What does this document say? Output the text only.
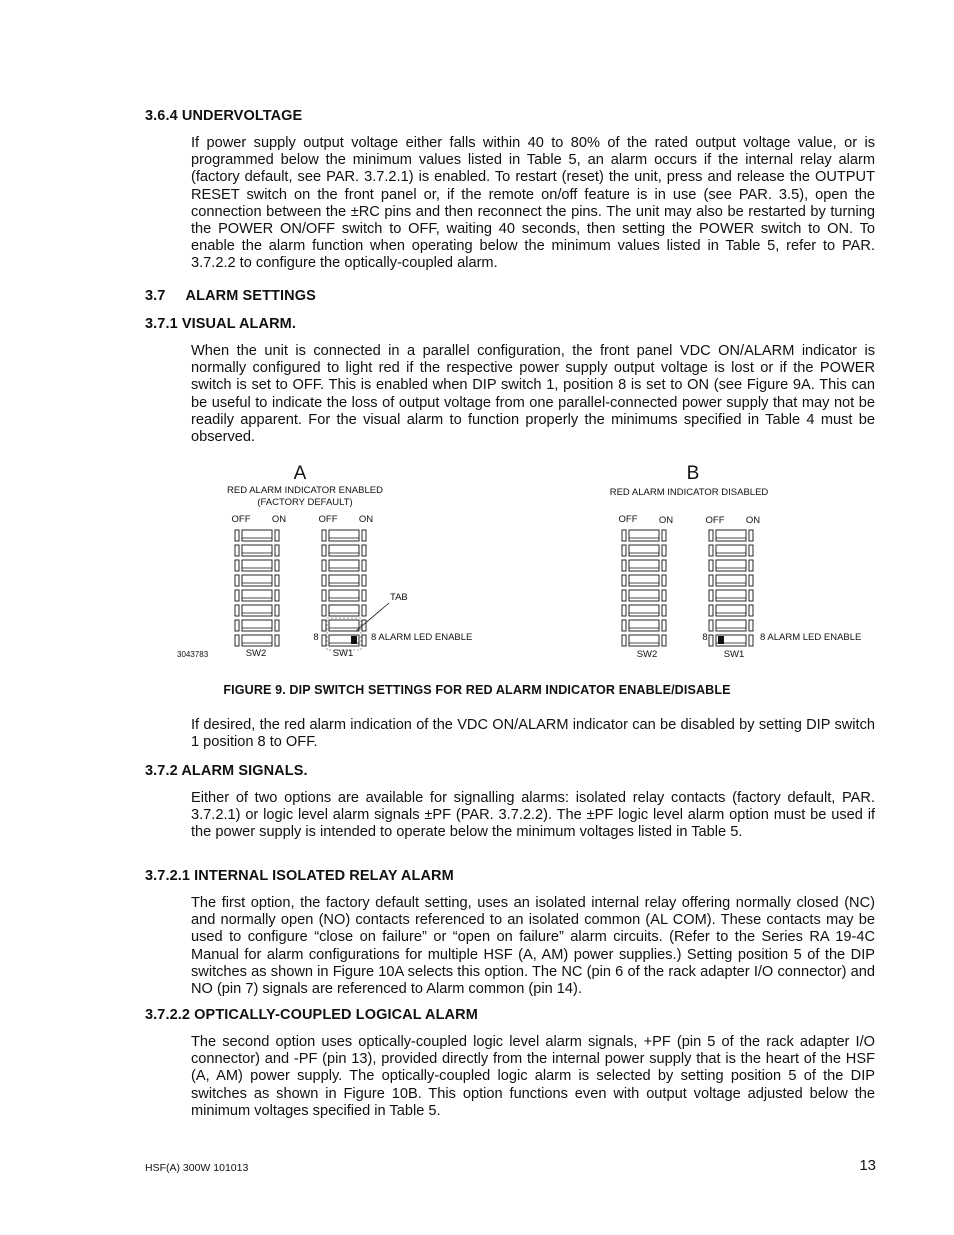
3.6.4 UNDERVOLTAGE
If power supply output voltage either falls within 40 to 80% of the rated output voltage value, or is programmed below the minimum values listed in Table 5, an alarm occurs if the internal relay alarm (factory default, see PAR. 3.7.2.1) is enabled. To restart (reset) the unit, press and release the OUTPUT RESET switch on the front panel or, if the remote on/off feature is in use (see PAR. 3.5), open the connection between the ±RC pins and then reconnect the pins. The unit may also be restarted by turning the POWER ON/OFF switch to OFF, waiting 40 seconds, then setting the POWER switch to ON. To enable the alarm function when operating below the minimum values listed in Table 5, refer to PAR. 3.7.2.2 to configure the optically-coupled alarm.
3.7     ALARM SETTINGS
3.7.1 VISUAL ALARM.
When the unit is connected in a parallel configuration, the front panel VDC ON/ALARM indicator is normally configured to light red if the respective power supply output voltage is lost or if the POWER switch is set to OFF. This is enabled when DIP switch 1, position 8 is set to ON (see Figure 9A. This can be useful to indicate the loss of output voltage from one parallel-connected power supply that may not be readily apparent. For the visual alarm to function properly the minimums specified in Table 4 must be observed.
A
RED ALARM INDICATOR ENABLED
(FACTORY DEFAULT)
OFF ON	OFF ON
TAB
8	8 ALARM LED ENABLE
SW2	SW1
3043783
B
RED ALARM INDICATOR DISABLED
OFF ON	OFF ON
8	8 ALARM LED ENABLE
SW2	SW1
FIGURE 9. DIP SWITCH SETTINGS FOR RED ALARM INDICATOR ENABLE/DISABLE
If desired, the red alarm indication of the VDC ON/ALARM indicator can be disabled by setting DIP switch 1 position 8 to OFF.
3.7.2 ALARM SIGNALS.
Either of two options are available for signalling alarms: isolated relay contacts (factory default, PAR. 3.7.2.1) or logic level alarm signals ±PF (PAR. 3.7.2.2). The ±PF logic level alarm option must be used if the power supply is intended to operate below the minimum voltages listed in Table 5.
3.7.2.1 INTERNAL ISOLATED RELAY ALARM
The first option, the factory default setting, uses an isolated internal relay offering normally closed (NC) and normally open (NO) contacts referenced to an isolated common (AL COM). These contacts may be used to configure “close on failure” or “open on failure” alarm circuits. (Refer to the Series RA 19-4C Manual for alarm configurations for multiple HSF (A, AM) power supplies.) Setting position 5 of the DIP switches as shown in Figure 10A selects this option. The NC (pin 6 of the rack adapter I/O connector) and NO (pin 7) signals are referenced to Alarm common (pin 14).
3.7.2.2 OPTICALLY-COUPLED LOGICAL ALARM
The second option uses optically-coupled logic level alarm signals, +PF (pin 5 of the rack adapter I/O connector) and -PF (pin 13), provided directly from the internal power supply that is the heart of the HSF (A, AM) power supply. The optically-coupled logic alarm is selected by setting position 5 of the DIP switches as shown in Figure 10B. This option functions even with output voltage adjusted below the minimum voltages specified in Table 5.
HSF(A) 300W 101013	13
